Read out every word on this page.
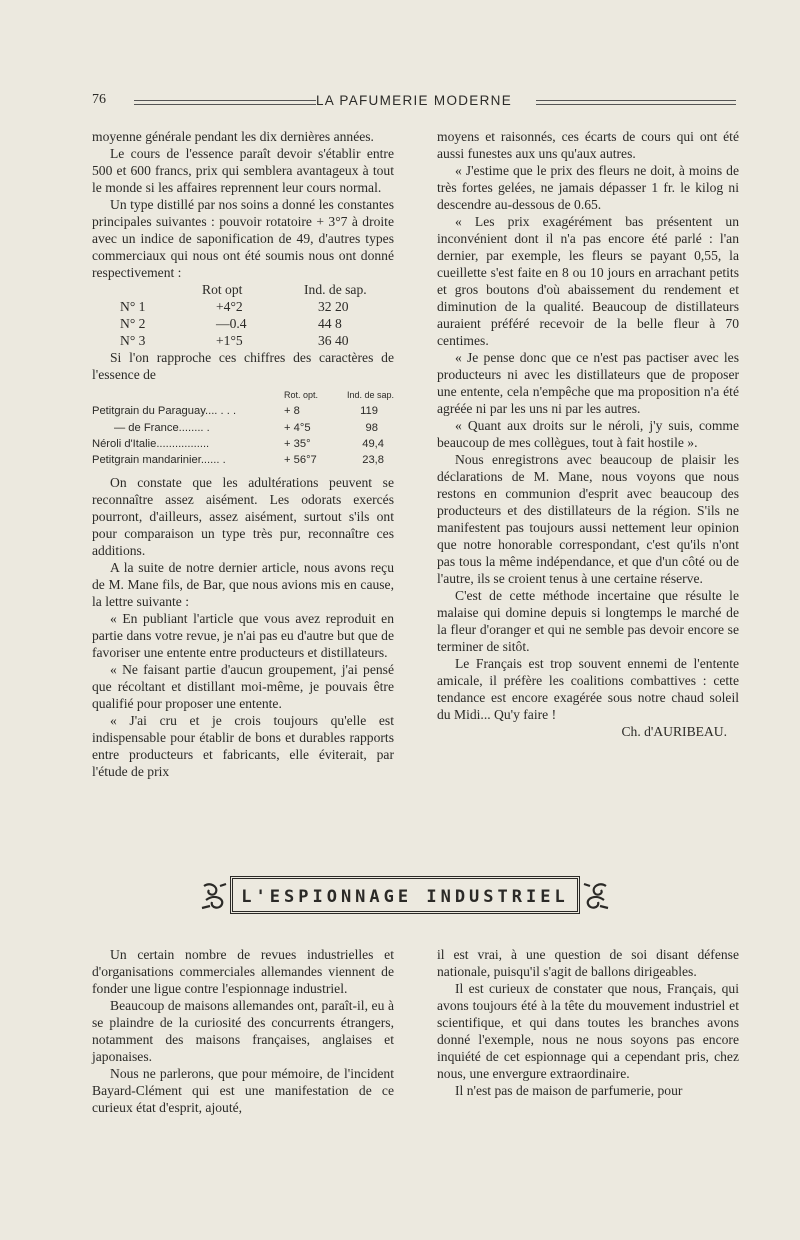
76	LA PAFUMERIE MODERNE

moyenne générale pendant les dix dernières années.

Le cours de l'essence paraît devoir s'établir entre 500 et 600 francs, prix qui semblera avantageux à tout le monde si les affaires reprennent leur cours normal.

Un type distillé par nos soins a donné les constantes principales suivantes : pouvoir rotatoire + 3°7 à droite avec un indice de saponification de 49, d'autres types commerciaux qui nous ont été soumis nous ont donné respectivement :

	Rot opt	Ind. de sap.
N° 1	+4°2	32 20
N° 2	—0.4	44 8
N° 3	+1°5	36 40

Si l'on rapproche ces chiffres des caractères de l'essence de

	Rot. opt.	Ind. de sap.
Petitgrain du Paraguay.... . . .	+ 8	119
— de France........ .	+ 4°5	98
Néroli d'Italie.................	+ 35°	49,4
Petitgrain mandarinier...... .	+ 56°7	23,8

On constate que les adultérations peuvent se reconnaître assez aisément. Les odorats exercés pourront, d'ailleurs, assez aisément, surtout s'ils ont pour comparaison un type très pur, reconnaître ces additions.

A la suite de notre dernier article, nous avons reçu de M. Mane fils, de Bar, que nous avions mis en cause, la lettre suivante :

« En publiant l'article que vous avez reproduit en partie dans votre revue, je n'ai pas eu d'autre but que de favoriser une entente entre producteurs et distillateurs.

« Ne faisant partie d'aucun groupement, j'ai pensé que récoltant et distillant moi-même, je pouvais être qualifié pour proposer une entente.

« J'ai cru et je crois toujours qu'elle est indispensable pour établir de bons et durables rapports entre producteurs et fabricants, elle éviterait, par l'étude de prix

moyens et raisonnés, ces écarts de cours qui ont été aussi funestes aux uns qu'aux autres.

« J'estime que le prix des fleurs ne doit, à moins de très fortes gelées, ne jamais dépasser 1 fr. le kilog ni descendre au-dessous de 0.65.

« Les prix exagérément bas présentent un inconvénient dont il n'a pas encore été parlé : l'an dernier, par exemple, les fleurs se payant 0,55, la cueillette s'est faite en 8 ou 10 jours en arrachant petits et gros boutons d'où abaissement du rendement et diminution de la qualité. Beaucoup de distillateurs auraient préféré recevoir de la belle fleur à 70 centimes.

« Je pense donc que ce n'est pas pactiser avec les producteurs ni avec les distillateurs que de proposer une entente, cela n'empêche que ma proposition n'a été agréée ni par les uns ni par les autres.

« Quant aux droits sur le néroli, j'y suis, comme beaucoup de mes collègues, tout à fait hostile ».

Nous enregistrons avec beaucoup de plaisir les déclarations de M. Mane, nous voyons que nous restons en communion d'esprit avec beaucoup des producteurs et des distillateurs de la région. S'ils ne manifestent pas toujours aussi nettement leur opinion que notre honorable correspondant, c'est qu'ils n'ont pas tous la même indépendance, et que d'un côté ou de l'autre, ils se croient tenus à une certaine réserve.

C'est de cette méthode incertaine que résulte le malaise qui domine depuis si longtemps le marché de la fleur d'oranger et qui ne semble pas devoir encore se terminer de sitôt.

Le Français est trop souvent ennemi de l'entente amicale, il préfère les coalitions combattives : cette tendance est encore exagérée sous notre chaud soleil du Midi... Qu'y faire !

Ch. d'AURIBEAU.
L'ESPIONNAGE INDUSTRIEL

Un certain nombre de revues industrielles et d'organisations commerciales allemandes viennent de fonder une ligue contre l'espionnage industriel.

Beaucoup de maisons allemandes ont, paraît-il, eu à se plaindre de la curiosité des concurrents étrangers, notamment des maisons françaises, anglaises et japonaises.

Nous ne parlerons, que pour mémoire, de l'incident Bayard-Clément qui est une manifestation de ce curieux état d'esprit, ajouté,

il est vrai, à une question de soi disant défense nationale, puisqu'il s'agit de ballons dirigeables.

Il est curieux de constater que nous, Français, qui avons toujours été à la tête du mouvement industriel et scientifique, et qui dans toutes les branches avons donné l'exemple, nous ne nous soyons pas encore inquiété de cet espionnage qui a cependant pris, chez nous, une envergure extraordinaire.

Il n'est pas de maison de parfumerie, pour
